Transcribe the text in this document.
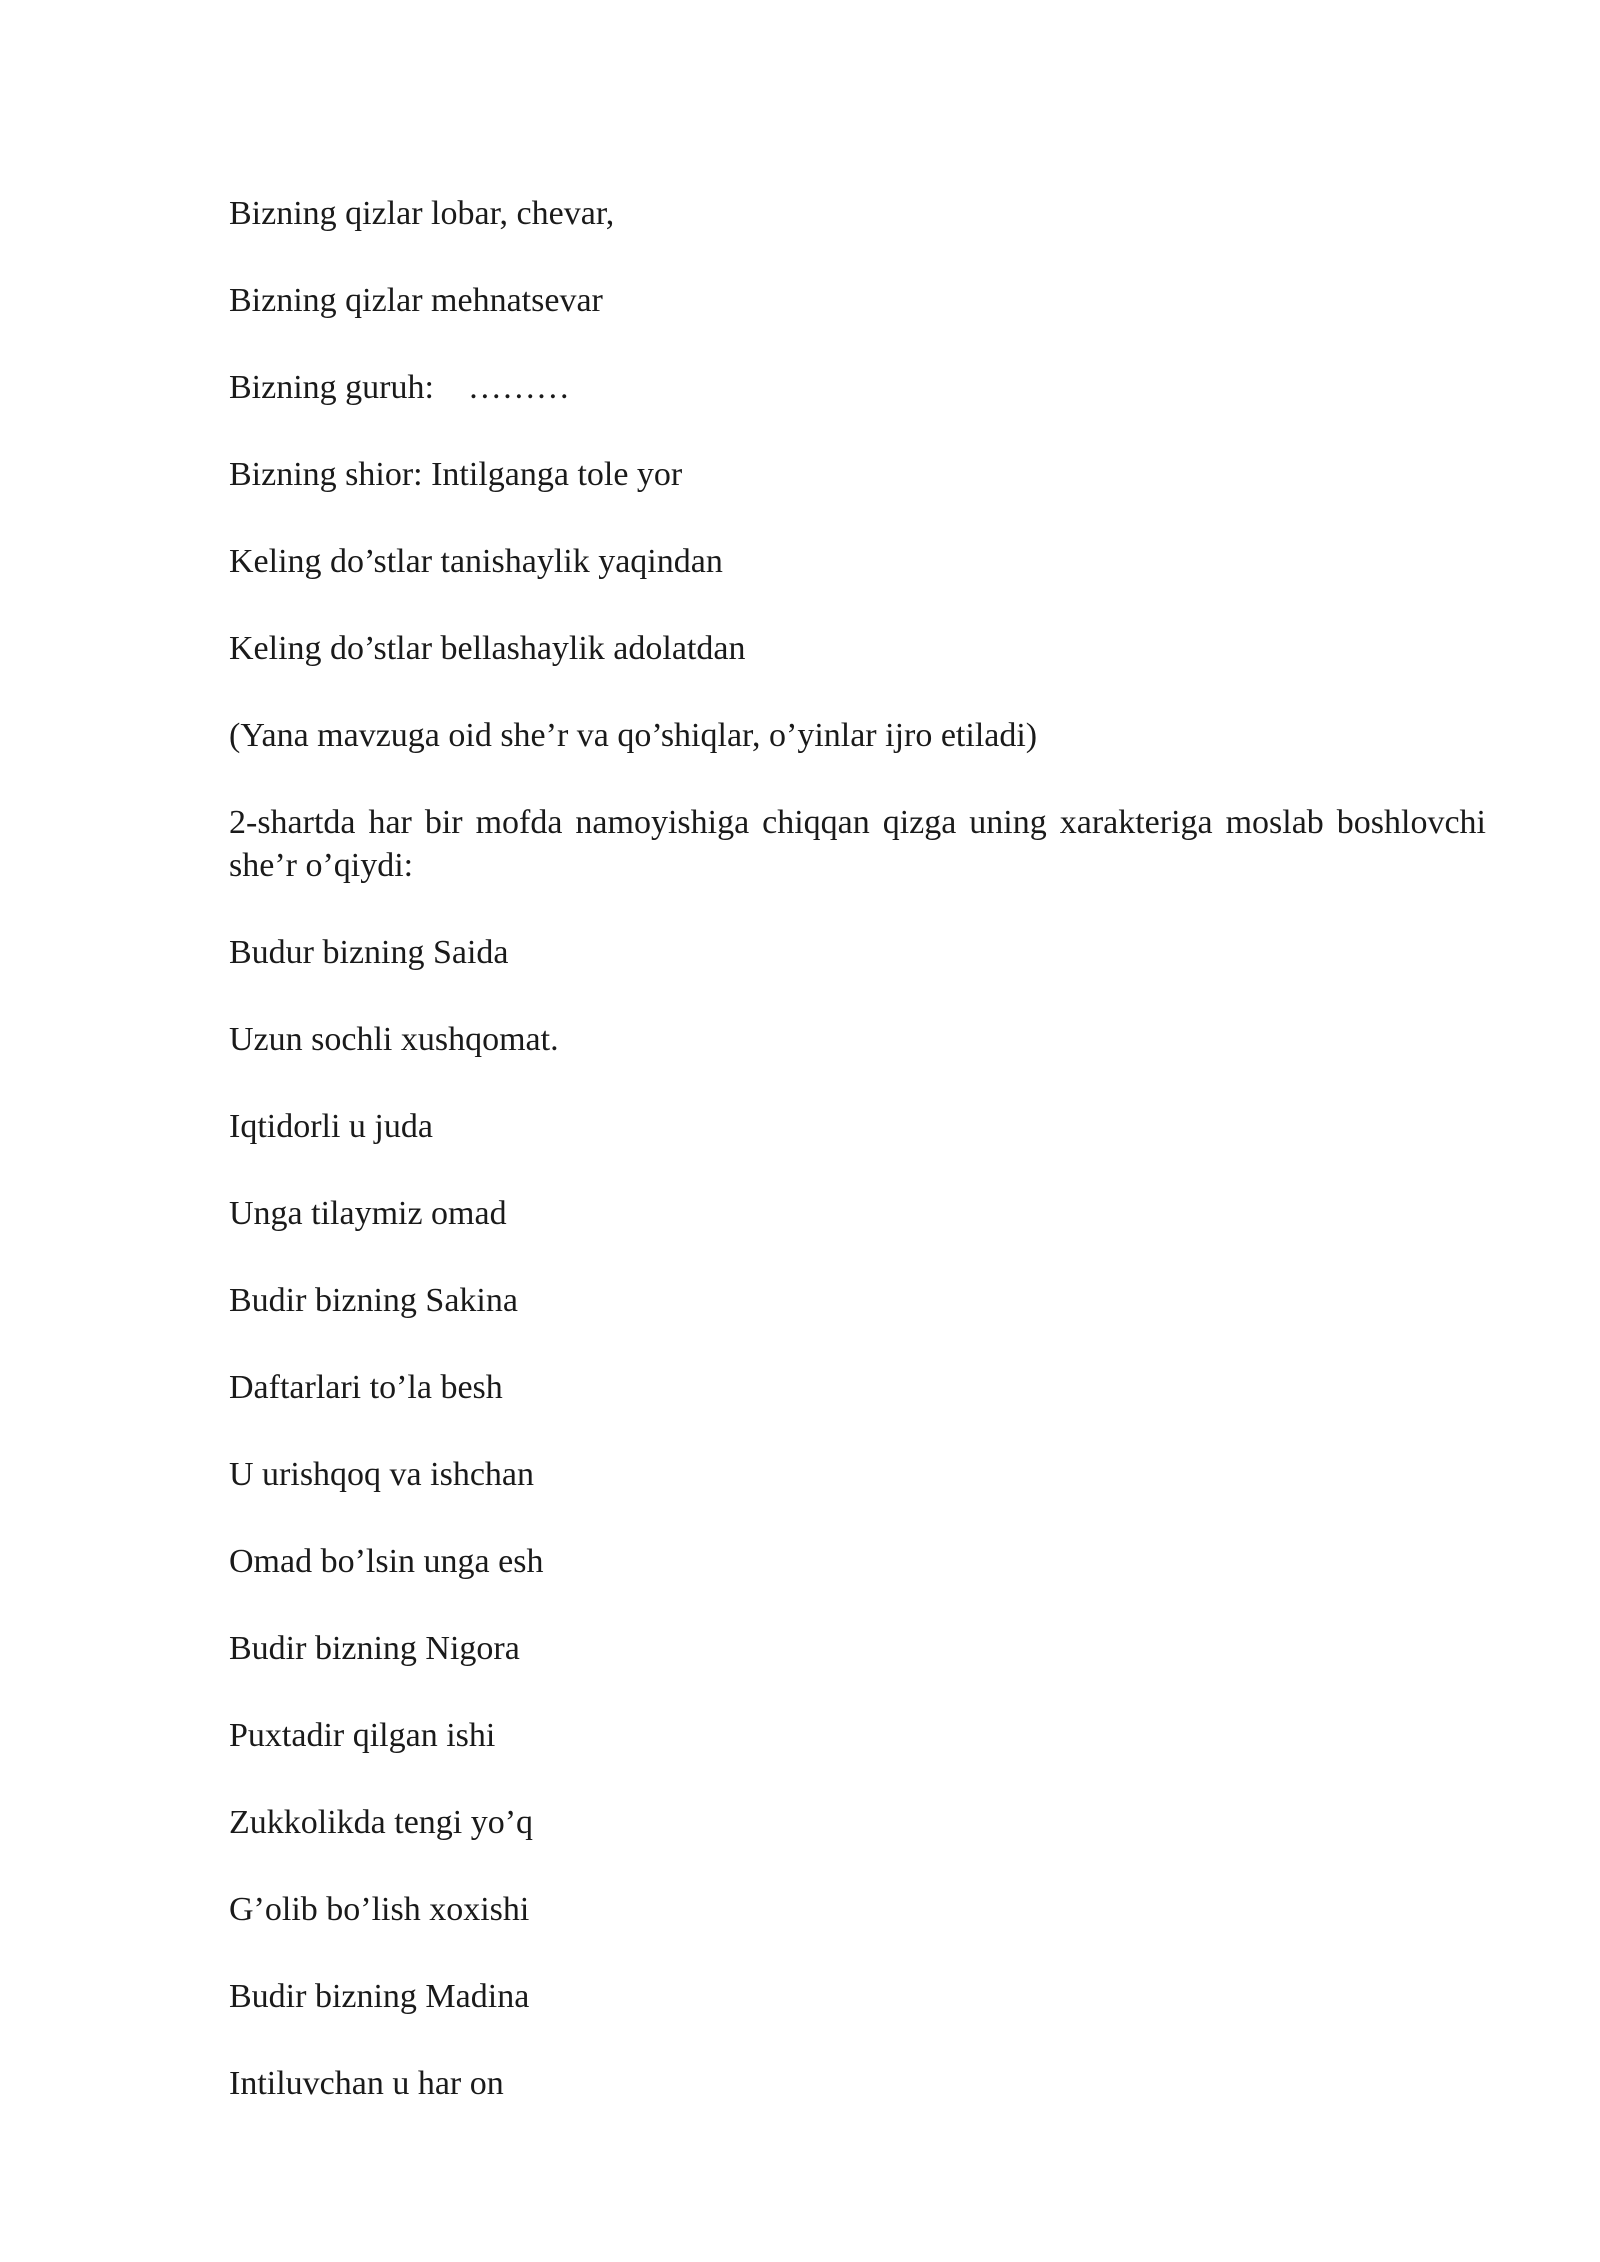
Bizning qizlar lobar, chevar,

Bizning qizlar mehnatsevar

Bizning guruh:    ………

Bizning shior: Intilganga tole yor

Keling do’stlar tanishaylik yaqindan

Keling do’stlar bellashaylik adolatdan

(Yana mavzuga oid she’r va qo’shiqlar, o’yinlar ijro etiladi)

2-shartda har bir mofda namoyishiga chiqqan qizga uning xarakteriga moslab boshlovchi she’r o’qiydi:

Budur bizning Saida

Uzun sochli xushqomat.

Iqtidorli u juda

Unga tilaymiz omad

Budir bizning Sakina

Daftarlari to’la besh

U urishqoq va ishchan

Omad bo’lsin unga esh

Budir bizning Nigora

Puxtadir qilgan ishi

Zukkolikda tengi yo’q

G’olib bo’lish xoxishi

Budir bizning Madina

Intiluvchan u har on
